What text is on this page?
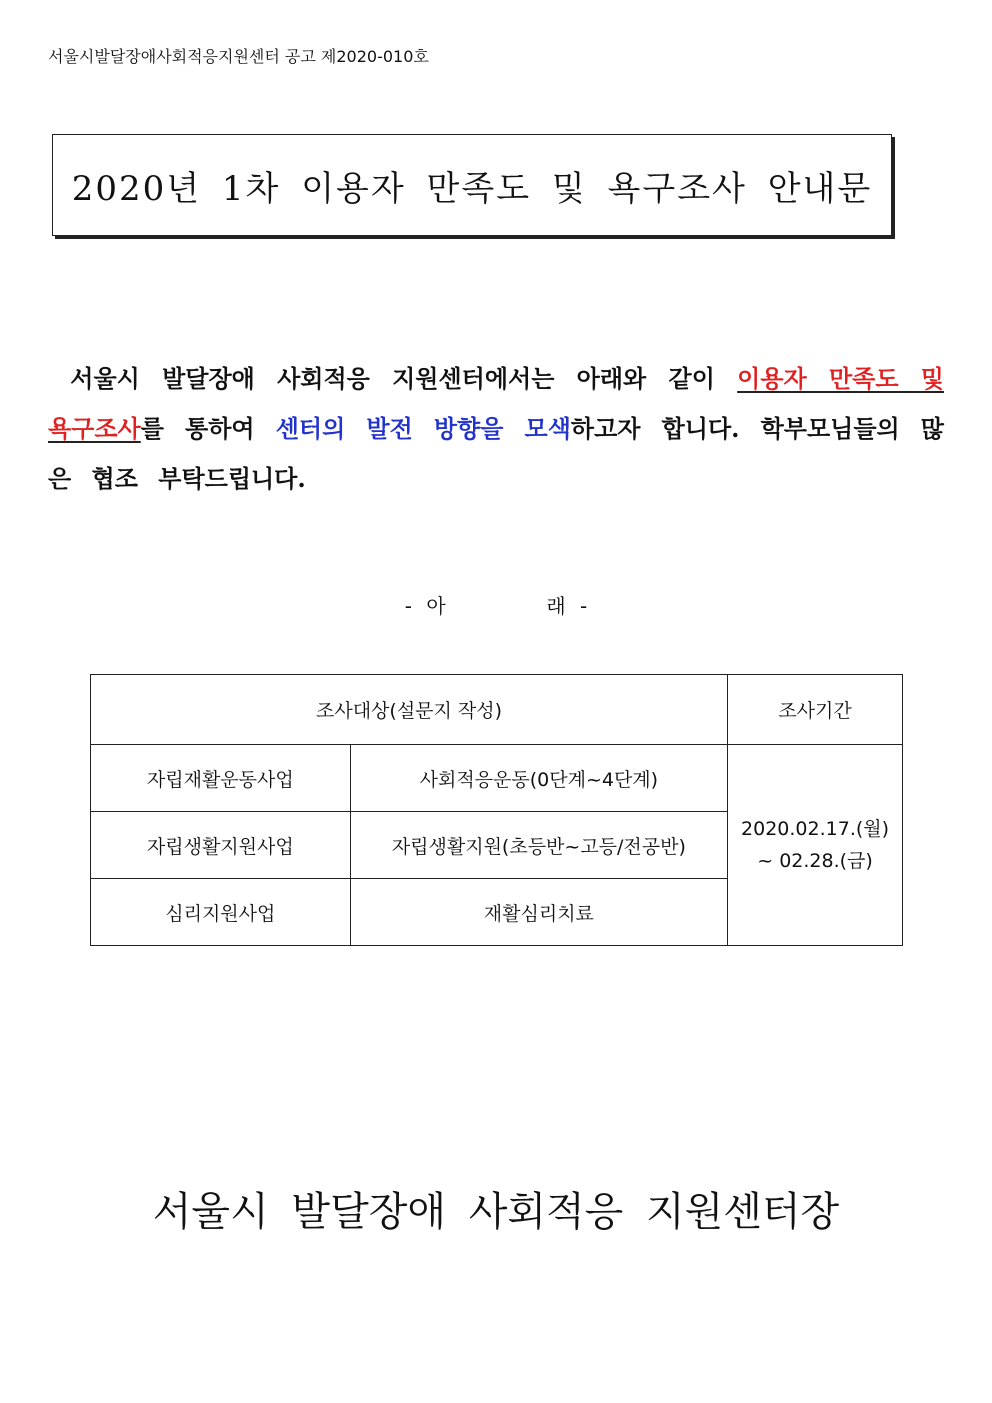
서울시발달장애사회적응지원센터 공고 제2020-010호
2020년 1차 이용자 만족도 및 욕구조사 안내문
서울시 발달장애 사회적응 지원센터에서는 아래와 같이 이용자 만족도 및 욕구조사를 통하여 센터의 발전 방향을 모색하고자 합니다. 학부모님들의 많은 협조 부탁드립니다.
- 아	래 -
조사대상(설문지 작성)		조사기간
자립재활운동사업	사회적응운동(0단계~4단계)	2020.02.17.(월)
~ 02.28.(금)

자립생활지원사업	자립생활지원(초등반~고등/전공반)	
심리지원사업	재활심리치료	
서울시 발달장애 사회적응 지원센터장
